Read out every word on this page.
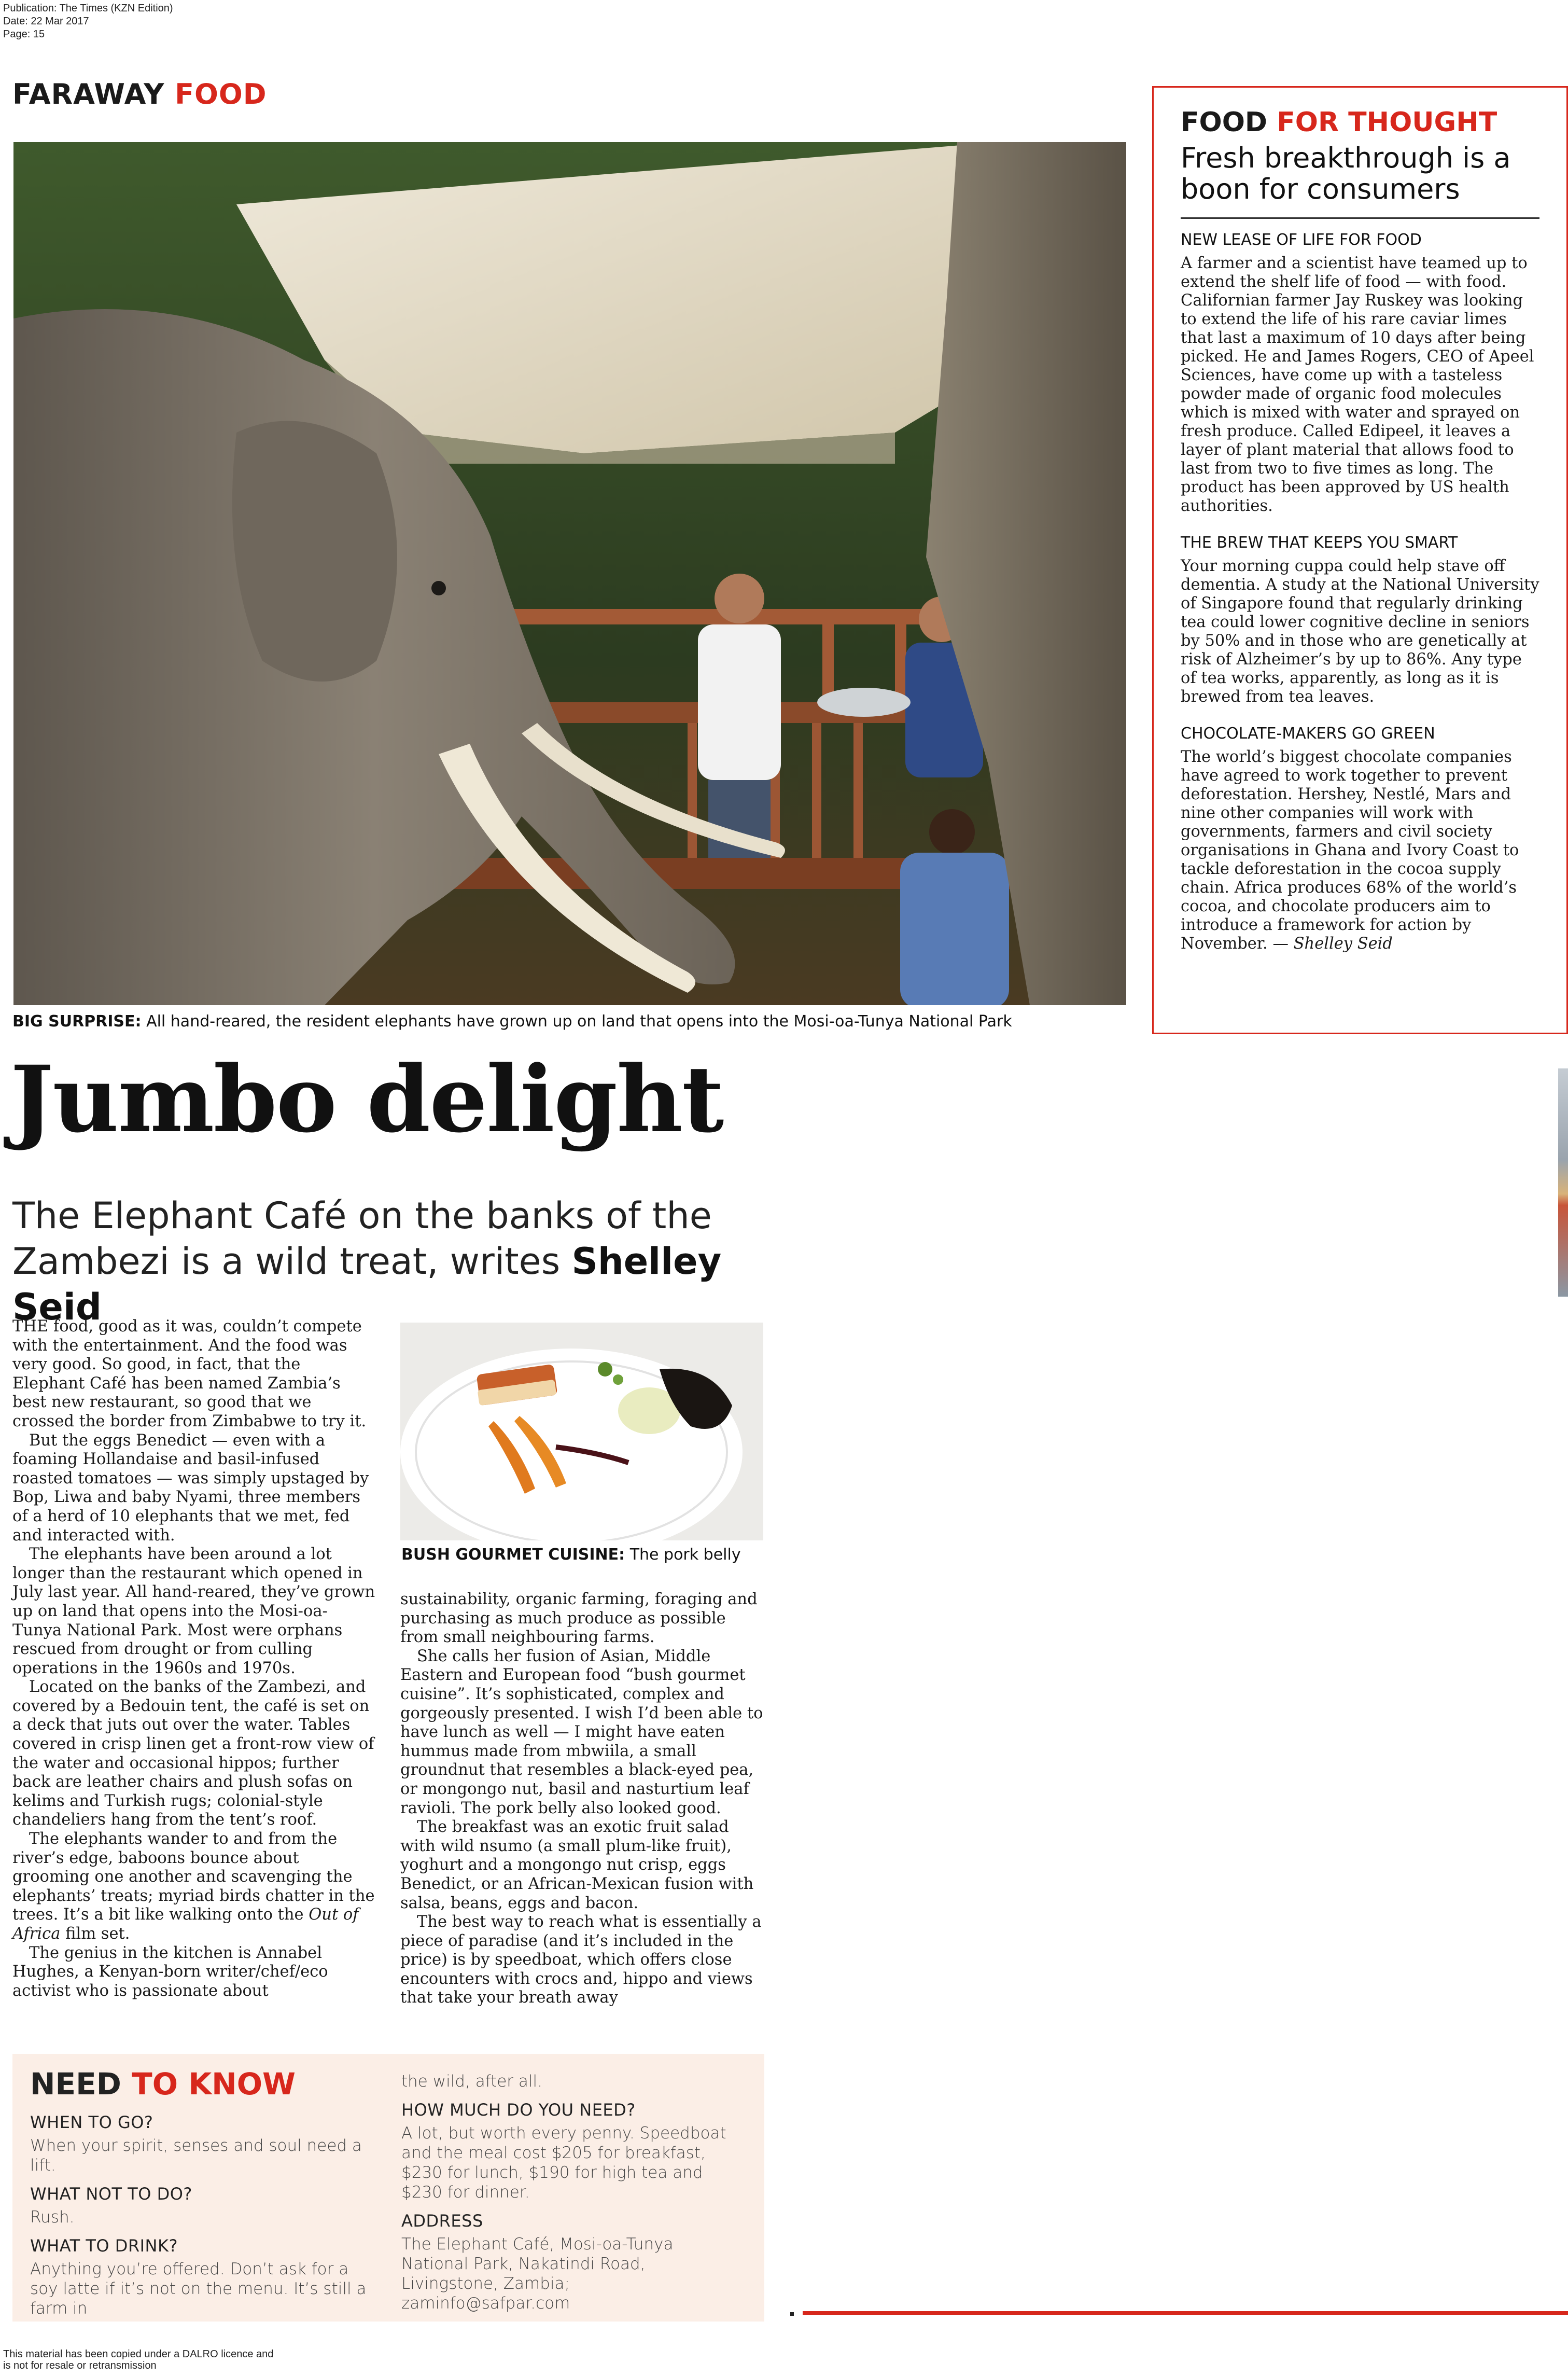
Publication: The Times (KZN Edition)
Date: 22 Mar 2017
Page: 15
FARAWAY FOOD
BIG SURPRISE: All hand-reared, the resident elephants have grown up on land that opens into the Mosi-oa-Tunya National Park
FOOD FOR THOUGHT
Fresh breakthrough is a boon for consumers
NEW LEASE OF LIFE FOR FOOD
A farmer and a scientist have teamed up to extend the shelf life of food — with food. Californian farmer Jay Ruskey was looking to extend the life of his rare caviar limes that last a maximum of 10 days after being picked. He and James Rogers, CEO of Apeel Sciences, have come up with a tasteless powder made of organic food molecules which is mixed with water and sprayed on fresh produce. Called Edipeel, it leaves a layer of plant material that allows food to last from two to five times as long. The product has been approved by US health authorities.
THE BREW THAT KEEPS YOU SMART
Your morning cuppa could help stave off dementia. A study at the National University of Singapore found that regularly drinking tea could lower cognitive decline in seniors by 50% and in those who are genetically at risk of Alzheimer’s by up to 86%. Any type of tea works, apparently, as long as it is brewed from tea leaves.
CHOCOLATE-MAKERS GO GREEN
The world’s biggest chocolate companies have agreed to work together to prevent deforestation. Hershey, Nestlé, Mars and nine other companies will work with governments, farmers and civil society organisations in Ghana and Ivory Coast to tackle deforestation in the cocoa supply chain. Africa produces 68% of the world’s cocoa, and chocolate producers aim to introduce a framework for action by November. — Shelley Seid
Jumbo delight
The Elephant Café on the banks of the Zambezi is a wild treat, writes Shelley Seid

THE food, good as it was, couldn’t compete with the entertainment. And the food was very good. So good, in fact, that the Elephant Café has been named Zambia’s best new restaurant, so good that we crossed the border from Zimbabwe to try it.

But the eggs Benedict — even with a foaming Hollandaise and basil-infused roasted tomatoes — was simply upstaged by Bop, Liwa and baby Nyami, three members of a herd of 10 elephants that we met, fed and interacted with.

The elephants have been around a lot longer than the restaurant which opened in July last year. All hand-reared, they’ve grown up on land that opens into the Mosi-oa-Tunya National Park. Most were orphans rescued from drought or from culling operations in the 1960s and 1970s.

Located on the banks of the Zambezi, and covered by a Bedouin tent, the café is set on a deck that juts out over the water. Tables covered in crisp linen get a front-row view of the water and occasional hippos; further back are leather chairs and plush sofas on kelims and Turkish rugs; colonial-style chandeliers hang from the tent’s roof.

The elephants wander to and from the river’s edge, baboons bounce about grooming one another and scavenging the elephants’ treats; myriad birds chatter in the trees. It’s a bit like walking onto the Out of Africa film set.

The genius in the kitchen is Annabel Hughes, a Kenyan-born writer/chef/eco activist who is passionate about

BUSH GOURMET CUISINE: The pork belly

sustainability, organic farming, foraging and purchasing as much produce as possible from small neighbouring farms.

She calls her fusion of Asian, Middle Eastern and European food “bush gourmet cuisine”. It’s sophisticated, complex and gorgeously presented. I wish I’d been able to have lunch as well — I might have eaten hummus made from mbwiila, a small groundnut that resembles a black-eyed pea, or mongongo nut, basil and nasturtium leaf ravioli. The pork belly also looked good.

The breakfast was an exotic fruit salad with wild nsumo (a small plum-like fruit), yoghurt and a mongongo nut crisp, eggs Benedict, or an African-Mexican fusion with salsa, beans, eggs and bacon.

The best way to reach what is essentially a piece of paradise (and it’s included in the price) is by speedboat, which offers close encounters with crocs and, hippo and views that take your breath away

NEED TO KNOW
WHEN TO GO?
When your spirit, senses and soul need a lift.
WHAT NOT TO DO?
Rush.
WHAT TO DRINK?
Anything you’re offered. Don’t ask for a soy latte if it’s not on the menu. It’s still a farm in
the wild, after all.
HOW MUCH DO YOU NEED?
A lot, but worth every penny. Speedboat and the meal cost $205 for breakfast, $230 for lunch, $190 for high tea and $230 for dinner.
ADDRESS
The Elephant Café, Mosi-oa-Tunya National Park, Nakatindi Road, Livingstone, Zambia; zaminfo@safpar.com
This material has been copied under a DALRO licence and
is not for resale or retransmission
